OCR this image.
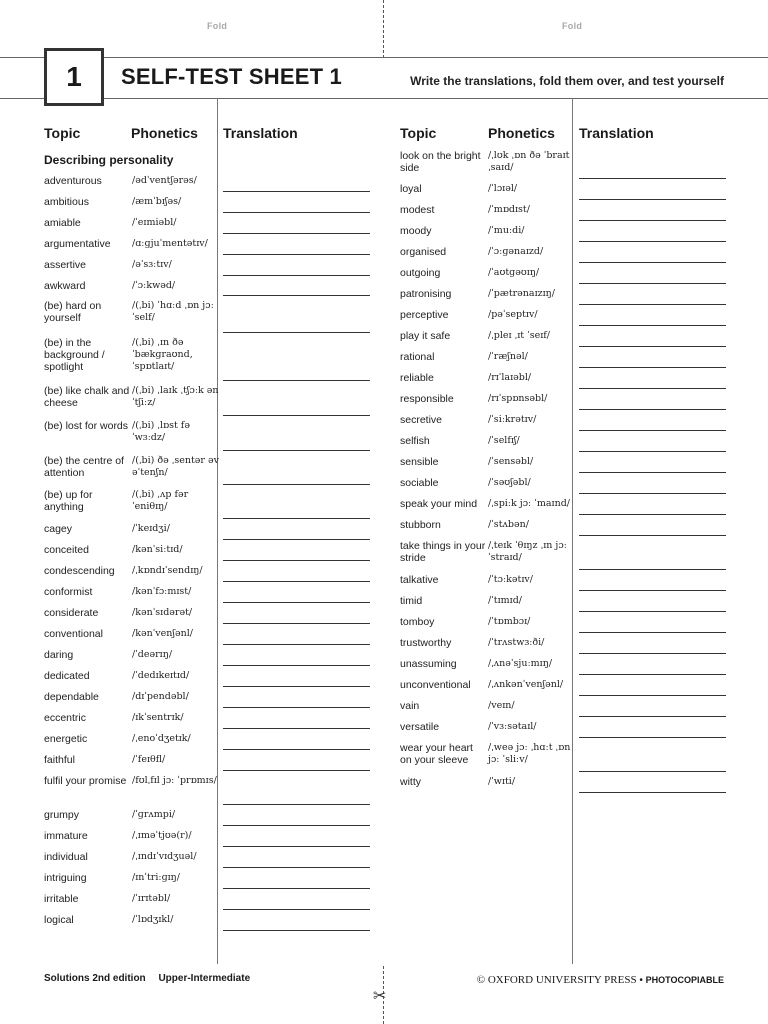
Fold	Fold
1	SELF-TEST SHEET 1	Write the translations, fold them over, and test yourself
Topic	Phonetics Translation	Topic	Phonetics Translation
Describing personality
adventurous	/ədˈventʃərəs/
ambitious	/æmˈbɪʃəs/
amiable	/ˈeɪmiəbl/
argumentative	/ɑːɡjuˈmentətɪv/
assertive	/əˈsɜːtɪv/
awkward	/ˈɔːkwəd/
(be) hard on yourself
/(ˌbi) ˈhɑːd ˌɒn jɔːˈself/
(be) in the background / spotlight
/(ˌbi) ˌɪn ðə ˈbækɡraʊnd, ˈspɒtlaɪt/
(be) like chalk and cheese
/(ˌbi) ˌlaɪk ˌtʃɔːk ən ˈtʃiːz/
(be) lost for words /(ˌbi) ˌlɒst fə ˈwɜːdz/
(be) the centre of attention
/(ˌbi) ðə ˌsentər əv əˈtenʃn/
(be) up for anything
/(ˌbi) ˌʌp fər ˈeniθɪŋ/
cagey	/ˈkeɪdʒi/
conceited	/kənˈsiːtɪd/
condescending	/ˌkɒndɪˈsendɪŋ/
conformist	/kənˈfɔːmɪst/
considerate	/kənˈsɪdərət/
conventional	/kənˈvenʃənl/
daring	/ˈdeərɪŋ/
dedicated	/ˈdedɪkeɪtɪd/
dependable	/dɪˈpendəbl/
eccentric	/ɪkˈsentrɪk/
energetic	/ˌenoˈdʒetɪk/
faithful	/ˈfeɪθfl/
fulfil your promise /fʊlˌfɪl jɔː ˈprɒmɪs/
grumpy	/ˈɡrʌmpi/
immature	/ˌɪməˈtjʊə(r)/
individual	/ˌɪndɪˈvɪdʒuəl/
intriguing	/ɪnˈtriːɡɪŋ/
irritable	/ˈɪrɪtəbl/
logical	/ˈlɒdʒɪkl/
look on the bright side
/ˌlʊk ˌɒn ðə ˈbraɪt ˌsaɪd/
loyal	/ˈlɔɪəl/
modest	/ˈmɒdɪst/
moody	/ˈmuːdi/
organised	/ˈɔːɡənaɪzd/
outgoing	/ˈaʊtɡəʊɪŋ/
patronising	/ˈpætrənaɪzɪŋ/
perceptive	/pəˈseptɪv/
play it safe	/ˌpleɪ ˌɪt ˈseɪf/
rational	/ˈræʃnəl/
reliable	/rɪˈlaɪəbl/
responsible	/rɪˈspɒnsəbl/
secretive	/ˈsiːkrətɪv/
selfish	/ˈselfɪʃ/
sensible	/ˈsensəbl/
sociable	/ˈsəʊʃəbl/
speak your mind	/ˌspiːk jɔː ˈmaɪnd/
stubborn	/ˈstʌbən/
take things in your stride
/ˌteɪk ˈθɪŋz ˌɪn jɔː ˈstraɪd/
talkative	/ˈtɔːkətɪv/
timid	/ˈtɪmɪd/
tomboy	/ˈtɒmbɔɪ/
trustworthy	/ˈtrʌstwɜːði/
unassuming	/ˌʌnəˈsjuːmɪŋ/
unconventional	/ˌʌnkənˈvenʃənl/
vain	/veɪn/
versatile	/ˈvɜːsətaɪl/
wear your heart on your sleeve
/ˌweə jɔː ˌhɑːt ˌɒn jɔː ˈsliːv/
witty	/ˈwɪti/
Solutions 2nd edition Upper-Intermediate	© OXFORD UNIVERSITY PRESS • PHOTOCOPIABLE
✂
